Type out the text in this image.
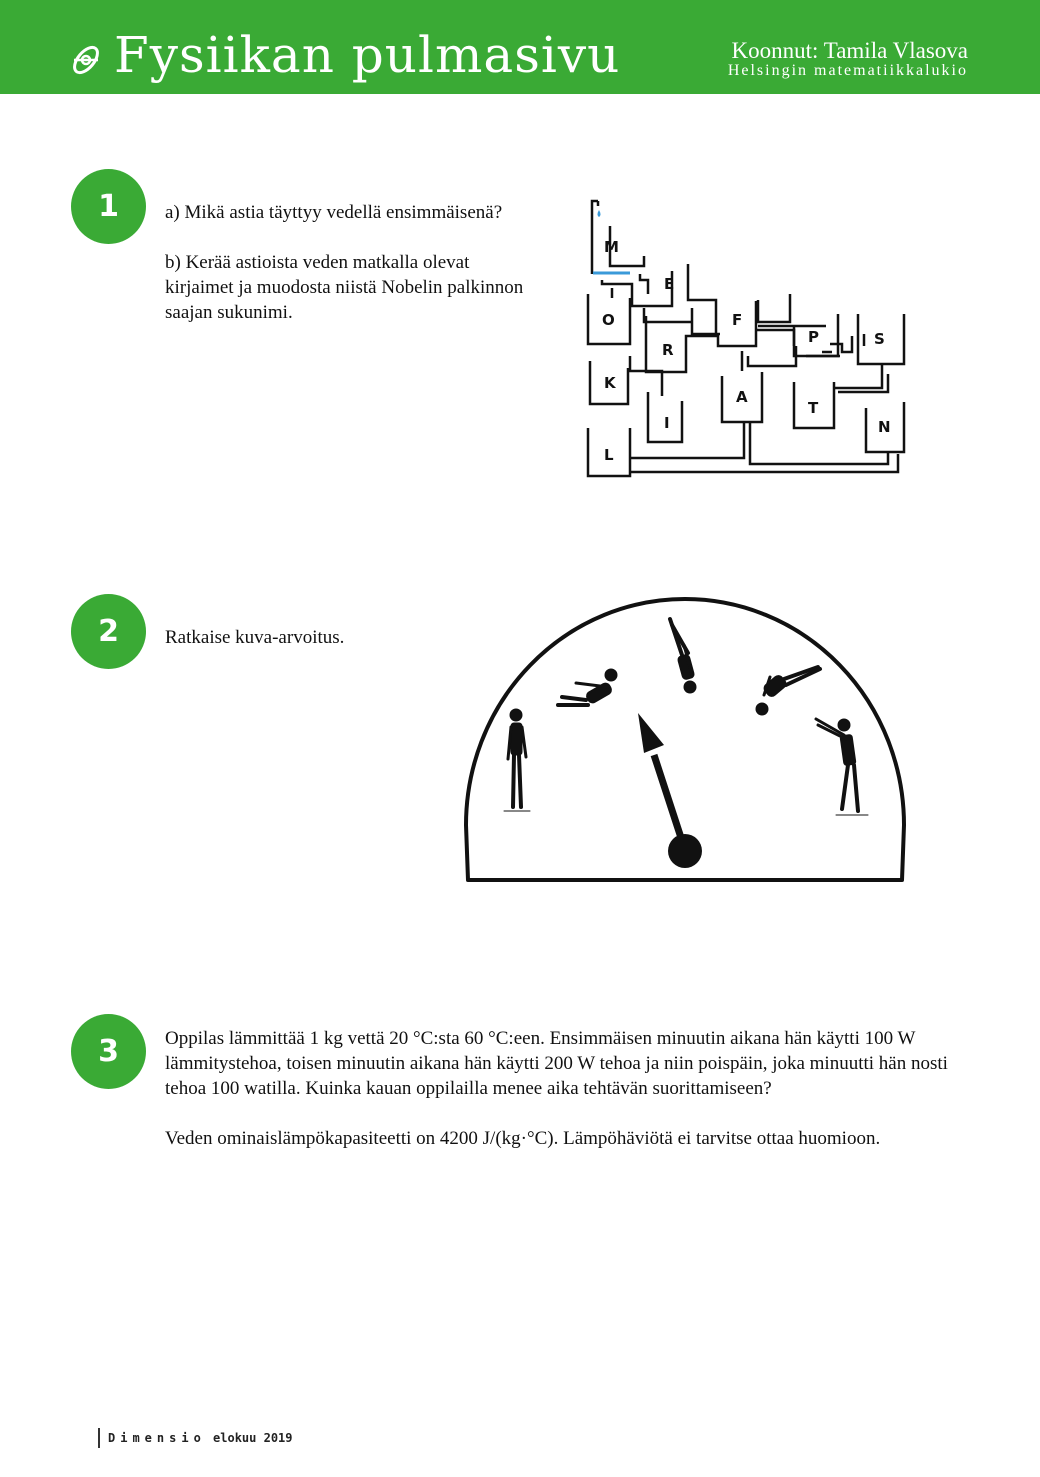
Fysiikan pulmasivu	Koonnut: Tamila Vlasova
Helsingin matematiikkalukio
1	a) Mikä astia täyttyy vedellä ensimmäisenä?

b) Kerää astioista veden matkalla olevat kirjaimet ja muodosta niistä Nobelin palkinnon saajan sukunimi.

M
E
O	F
R
P	S
K
A
T
I	N
L
2	Ratkaise kuva-arvoitus.
3	Oppilas lämmittää 1 kg vettä 20 °C:sta 60 °C:een. Ensimmäisen minuutin aikana hän käytti 100 W lämmitystehoa, toisen minuutin aikana hän käytti 200 W tehoa ja niin poispäin, joka minuutti hän nosti tehoa 100 watilla. Kuinka kauan oppilailla menee aika tehtävän suorittamiseen?

Veden ominaislämpökapasiteetti on 4200 J/(kg·°C). Lämpöhäviötä ei tarvitse ottaa huomioon.

Dimensio elokuu 2019
